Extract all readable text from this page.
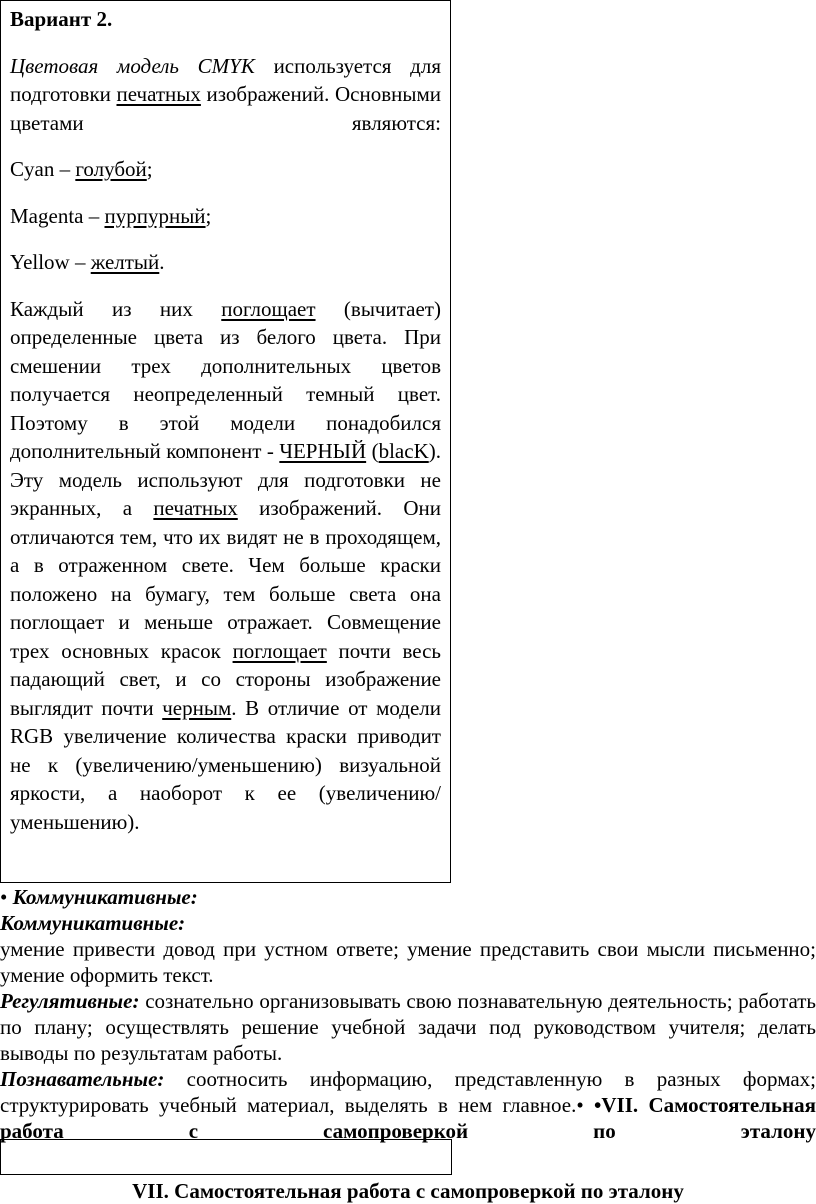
Вариант 2.

Цветовая модель CMYK используется для подготовки печатных изображений. Основными цветами являются:

Cyan – голубой;

Magenta – пурпурный;

Yellow – желтый.

Каждый из них поглощает (вычитает) определенные цвета из белого цвета. При смешении трех дополнительных цветов получается неопределенный темный цвет. Поэтому в этой модели понадобился дополнительный компонент - ЧЕРНЫЙ (blacK). Эту модель используют для подготовки не экранных, а печатных изображений. Они отличаются тем, что их видят не в проходящем, а в отраженном свете. Чем больше краски положено на бумагу, тем больше света она поглощает и меньше отражает. Совмещение трех основных красок поглощает почти весь падающий свет, и со стороны изображение выглядит почти черным. В отличие от модели RGB увеличение количества краски приводит не к (увеличению/уменьшению) визуальной яркости, а наоборот к ее (увеличению/уменьшению).

• Коммуникативные:

Коммуникативные:

умение привести довод при устном ответе; умение представить свои мысли письменно; умение оформить текст.

Регулятивные: сознательно организовывать свою познавательную деятельность; работать по плану; осуществлять решение учебной задачи под руководством учителя; делать выводы по результатам работы.

Познавательные: соотносить информацию, представленную в разных формах; структурировать учебный материал, выделять в нем главное.• •VII. Самостоятельная работа с самопроверкой по эталону

VII. Самостоятельная работа с самопроверкой по эталону
